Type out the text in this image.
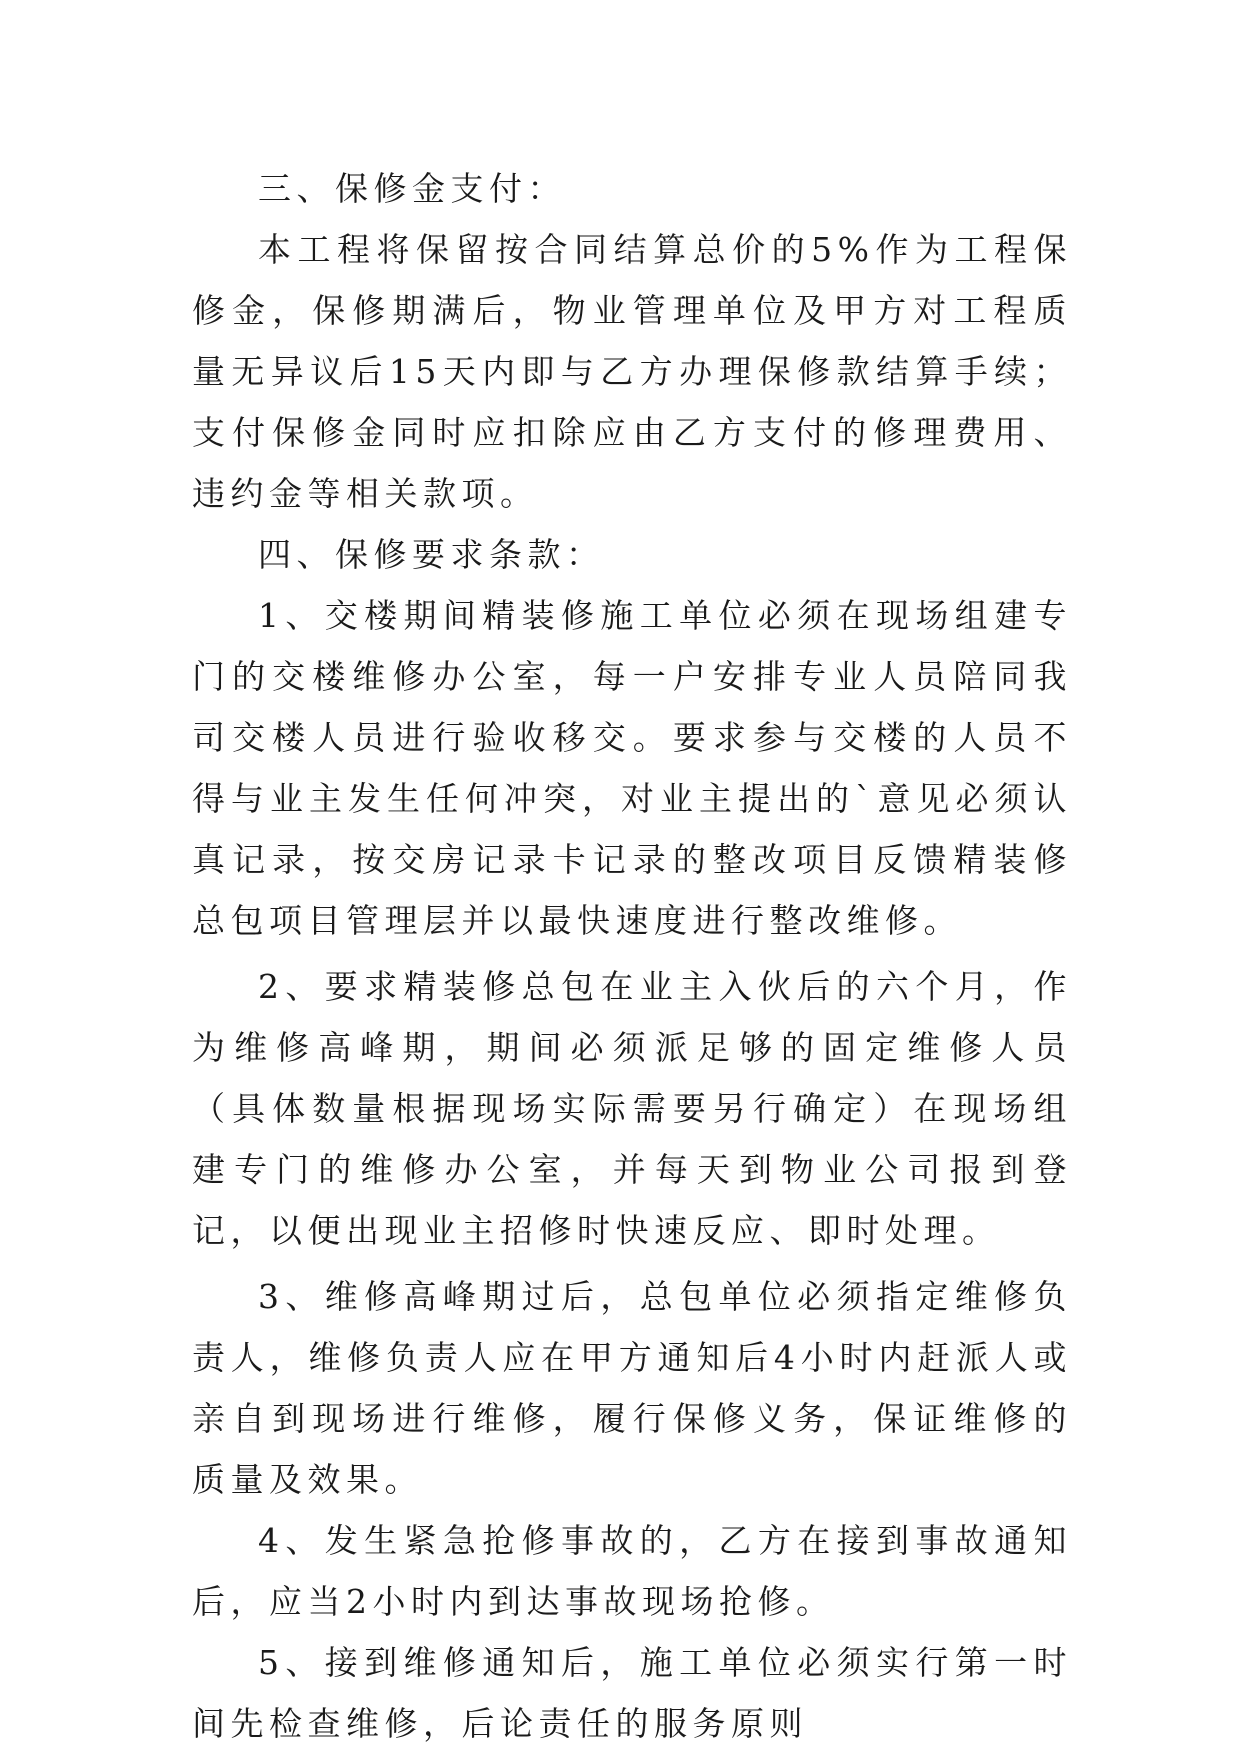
三、保修金支付：

本工程将保留按合同结算总价的5%作为工程保修金，保修期满后，物业管理单位及甲方对工程质量无异议后15天内即与乙方办理保修款结算手续；支付保修金同时应扣除应由乙方支付的修理费用、违约金等相关款项。

四、保修要求条款：

1、交楼期间精装修施工单位必须在现场组建专门的交楼维修办公室，每一户安排专业人员陪同我司交楼人员进行验收移交。要求参与交楼的人员不得与业主发生任何冲突，对业主提出的`意见必须认真记录，按交房记录卡记录的整改项目反馈精装修总包项目管理层并以最快速度进行整改维修。

2、要求精装修总包在业主入伙后的六个月，作为维修高峰期，期间必须派足够的固定维修人员（具体数量根据现场实际需要另行确定）在现场组建专门的维修办公室，并每天到物业公司报到登记，以便出现业主招修时快速反应、即时处理。

3、维修高峰期过后，总包单位必须指定维修负责人，维修负责人应在甲方通知后4小时内赶派人或亲自到现场进行维修，履行保修义务，保证维修的质量及效果。

4、发生紧急抢修事故的，乙方在接到事故通知后，应当2小时内到达事故现场抢修。

5、接到维修通知后，施工单位必须实行第一时间先检查维修，后论责任的服务原则
